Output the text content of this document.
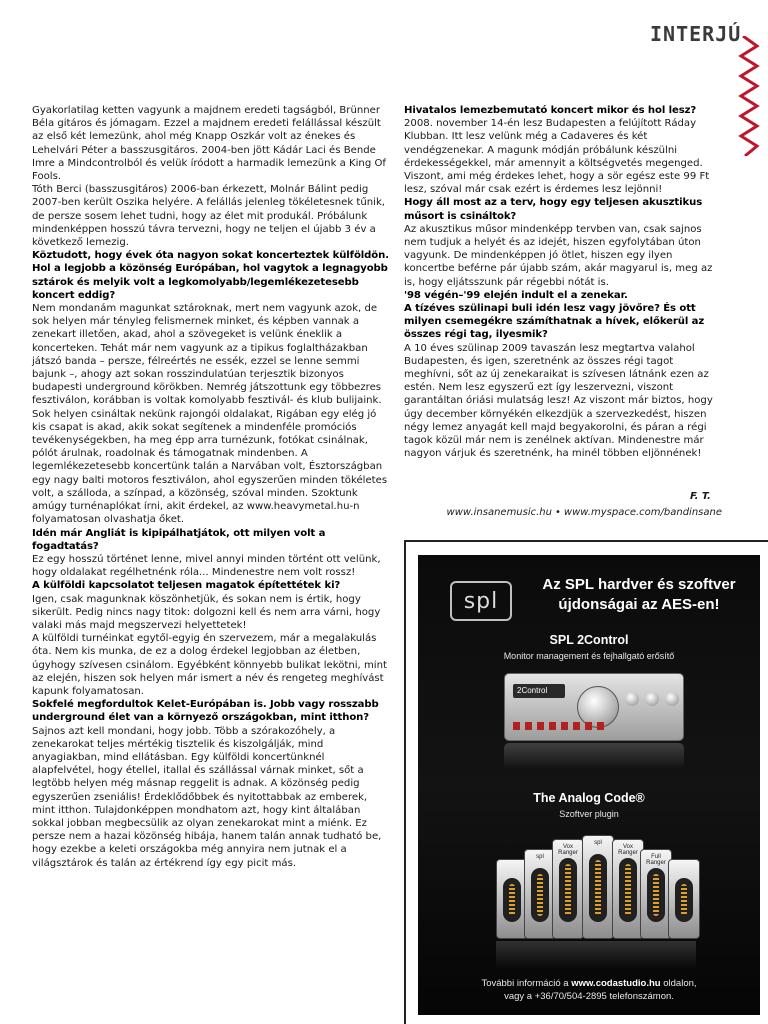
INTERJÚ

Gyakorlatilag ketten vagyunk a majdnem eredeti tagságból, Brünner Béla gitáros és jómagam. Ezzel a majdnem eredeti felállással készült az első két lemezünk, ahol még Knapp Oszkár volt az énekes és Lehelvári Péter a basszusgitáros. 2004-ben jött Kádár Laci és Bende Imre a Mindcontrolból és velük íródott a harmadik lemezünk a King Of Fools.

Tóth Berci (basszusgitáros) 2006-ban érkezett, Molnár Bálint pedig 2007-ben került Oszika helyére. A felállás jelenleg tökéletesnek tűnik, de persze sosem lehet tudni, hogy az élet mit produkál. Próbálunk mindenképpen hosszú távra tervezni, hogy ne teljen el újabb 3 év a következő lemezig.

Köztudott, hogy évek óta nagyon sokat koncerteztek külföldön. Hol a legjobb a közönség Európában, hol vagytok a legnagyobb sztárok és melyik volt a legkomolyabb/legemlékezetesebb koncert eddig?

Nem mondanám magunkat sztároknak, mert nem vagyunk azok, de sok helyen már tényleg felismernek minket, és képben vannak a zenekart illetően, akad, ahol a szövegeket is velünk éneklik a koncerteken. Tehát már nem vagyunk az a tipikus foglaltházakban játszó banda – persze, félreértés ne essék, ezzel se lenne semmi bajunk –, ahogy azt sokan rosszindulatúan terjesztik bizonyos budapesti underground körökben. Nemrég játszottunk egy többezres fesztiválon, korábban is voltak komolyabb fesztivál- és klub bulijaink. Sok helyen csináltak nekünk rajongói oldalakat, Rigában egy elég jó kis csapat is akad, akik sokat segítenek a mindenféle promóciós tevékenységekben, ha meg épp arra turnézunk, fotókat csinálnak, pólót árulnak, roadolnak és támogatnak mindenben. A legemlékezetesebb koncertünk talán a Narvában volt, Észtországban egy nagy balti motoros fesztiválon, ahol egyszerűen minden tökéletes volt, a szálloda, a színpad, a közönség, szóval minden. Szoktunk amúgy turnénaplókat írni, akit érdekel, az www.heavymetal.hu-n folyamatosan olvashatja őket.

Idén már Angliát is kipipálhatjátok, ott milyen volt a fogadtatás?

Ez egy hosszú történet lenne, mivel annyi minden történt ott velünk, hogy oldalakat regélhetnénk róla... Mindenestre nem volt rossz!

A külföldi kapcsolatot teljesen magatok építettétek ki?

Igen, csak magunknak köszönhetjük, és sokan nem is értik, hogy sikerült. Pedig nincs nagy titok: dolgozni kell és nem arra várni, hogy valaki más majd megszervezi helyettetek!

A külföldi turnéinkat egytől-egyig én szervezem, már a megalakulás óta. Nem kis munka, de ez a dolog érdekel legjobban az életben, úgyhogy szívesen csinálom. Egyébként könnyebb bulikat lekötni, mint az elején, hiszen sok helyen már ismert a név és rengeteg meghívást kapunk folyamatosan.

Sokfelé megfordultok Kelet-Európában is. Jobb vagy rosszabb underground élet van a környező országokban, mint itthon?

Sajnos azt kell mondani, hogy jobb. Több a szórakozóhely, a zenekarokat teljes mértékig tisztelik és kiszolgálják, mind anyagiakban, mind ellátásban. Egy külföldi koncertünknél alapfelvétel, hogy étellel, itallal és szállással várnak minket, sőt a legtöbb helyen még másnap reggelit is adnak. A közönség pedig egyszerűen zseniális! Érdeklődőbbek és nyitottabbak az emberek, mint itthon. Tulajdonképpen mondhatom azt, hogy kint általában sokkal jobban megbecsülik az olyan zenekarokat mint a miénk. Ez persze nem a hazai közönség hibája, hanem talán annak tudható be, hogy ezekbe a keleti országokba még annyira nem jutnak el a világsztárok és talán az értékrend így egy picit más.

Hivatalos lemezbemutató koncert mikor és hol lesz?

2008. november 14-én lesz Budapesten a felújított Ráday Klubban. Itt lesz velünk még a Cadaveres és két vendégzenekar. A magunk módján próbálunk készülni érdekességekkel, már amennyit a költségvetés megenged. Viszont, ami még érdekes lehet, hogy a sör egész este 99 Ft lesz, szóval már csak ezért is érdemes lesz lejönni!

Hogy áll most az a terv, hogy egy teljesen akusztikus műsort is csináltok?

Az akusztikus műsor mindenképp tervben van, csak sajnos nem tudjuk a helyét és az idejét, hiszen egyfolytában úton vagyunk. De mindenképpen jó ötlet, hiszen egy ilyen koncertbe beférne pár újabb szám, akár magyarul is, meg az is, hogy eljátsszunk pár régebbi nótát is.

'98 végén–'99 elején indult el a zenekar.

A tízéves szülinapi buli idén lesz vagy jövőre? És ott milyen csemegékre számíthatnak a hívek, előkerül az összes régi tag, ilyesmik?

A 10 éves szülinap 2009 tavaszán lesz megtartva valahol Budapesten, és igen, szeretnénk az összes régi tagot meghívni, sőt az új zenekaraikat is szívesen látnánk ezen az estén. Nem lesz egyszerű ezt így leszervezni, viszont garantáltan óriási mulatság lesz! Az viszont már biztos, hogy úgy december környékén elkezdjük a szervezkedést, hiszen négy lemez anyagát kell majd begyakorolni, és páran a régi tagok közül már nem is zenélnek aktívan. Mindenestre már nagyon várjuk és szeretnénk, ha minél többen eljönnének!

F. T.
www.insanemusic.hu • www.myspace.com/bandinsane
spl
Az SPL hardver és szoftver újdonságai az AES-en!
SPL 2Control
Monitor management és fejhallgató erősítő
2Control
The Analog Code®
Szoftver plugin
spl
Vox Ranger
spl
Vox Ranger
Full Ranger
További információ a www.codastudio.hu oldalon,
vagy a +36/70/504-2895 telefonszámon.
